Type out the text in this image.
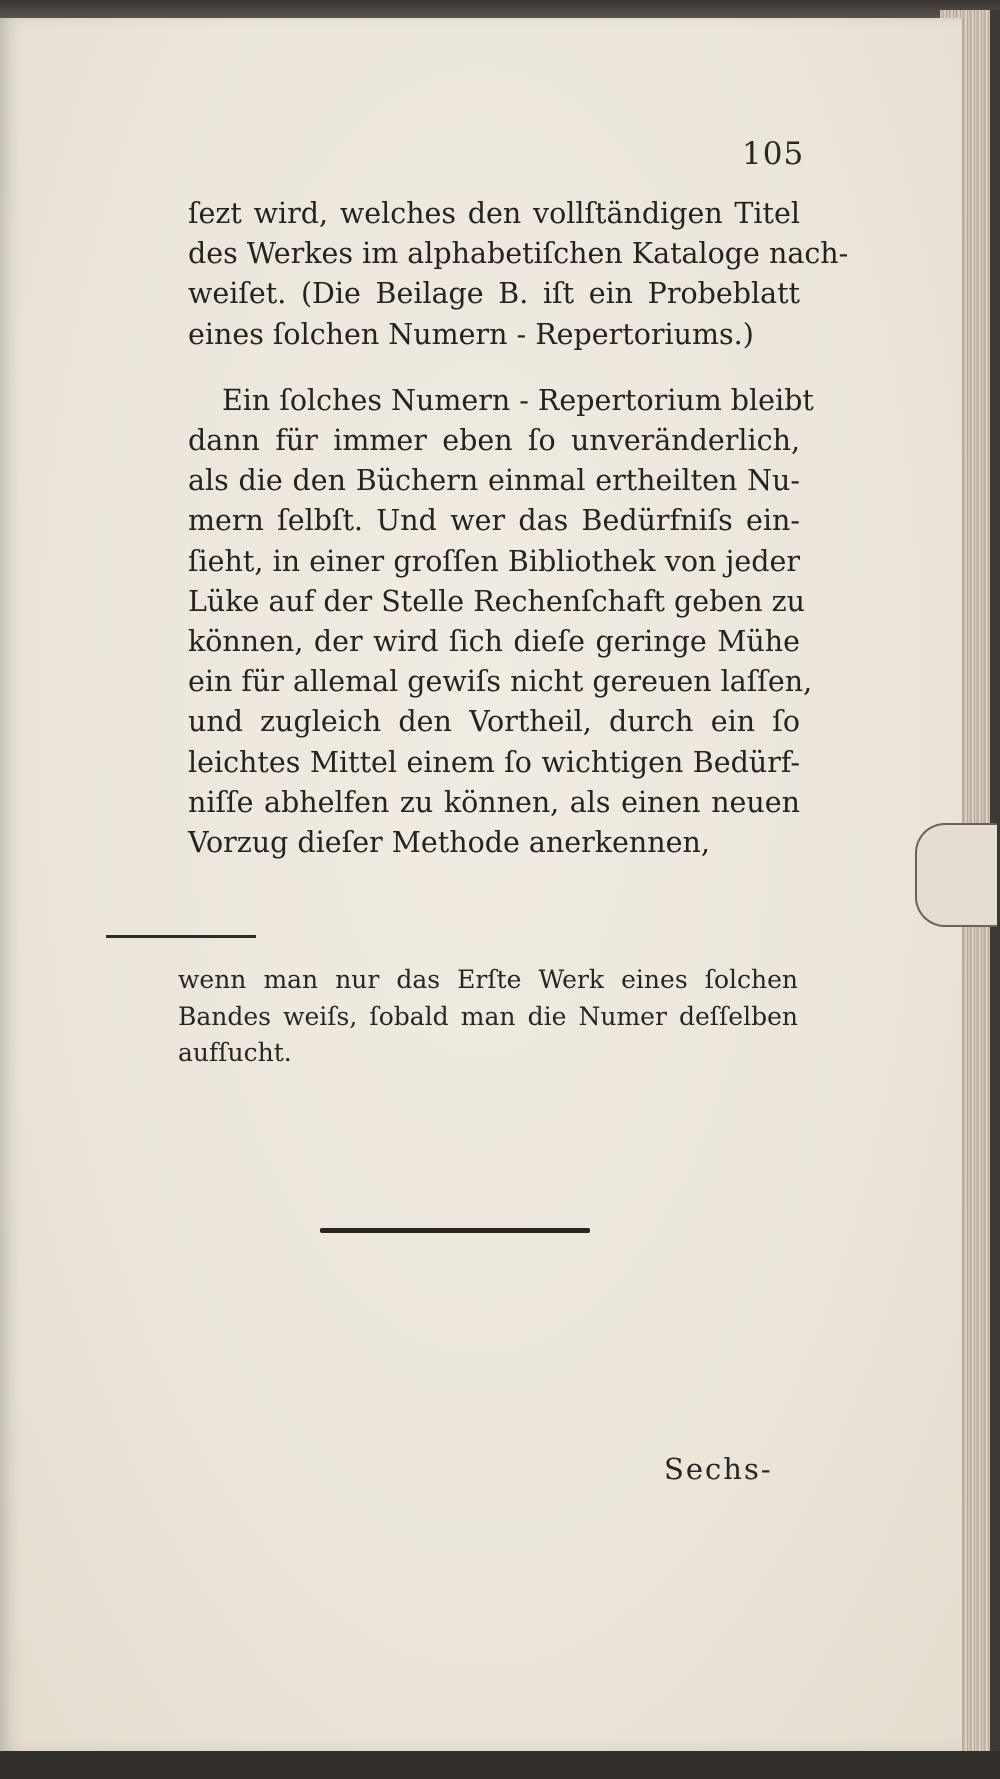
105
ſezt wird, welches den vollſtändigen Titel
des Werkes im alphabetiſchen Kataloge nach-
weiſet. (Die Beilage B. iſt ein Probeblatt
eines ſolchen Numern - Repertoriums.)
Ein ſolches Numern - Repertorium bleibt
dann für immer eben ſo unveränderlich,
als die den Büchern einmal ertheilten Nu-
mern ſelbſt. Und wer das Bedürfniſs ein-
ſieht, in einer groſſen Bibliothek von jeder
Lüke auf der Stelle Rechenſchaft geben zu
können, der wird ſich dieſe geringe Mühe
ein für allemal gewiſs nicht gereuen laſſen,
und zugleich den Vortheil, durch ein ſo
leichtes Mittel einem ſo wichtigen Bedürf-
niſſe abhelfen zu können, als einen neuen
Vorzug dieſer Methode anerkennen,
wenn man nur das Erſte Werk eines ſolchen
Bandes weiſs, ſobald man die Numer deſſelben
aufſucht.
Sechs-
